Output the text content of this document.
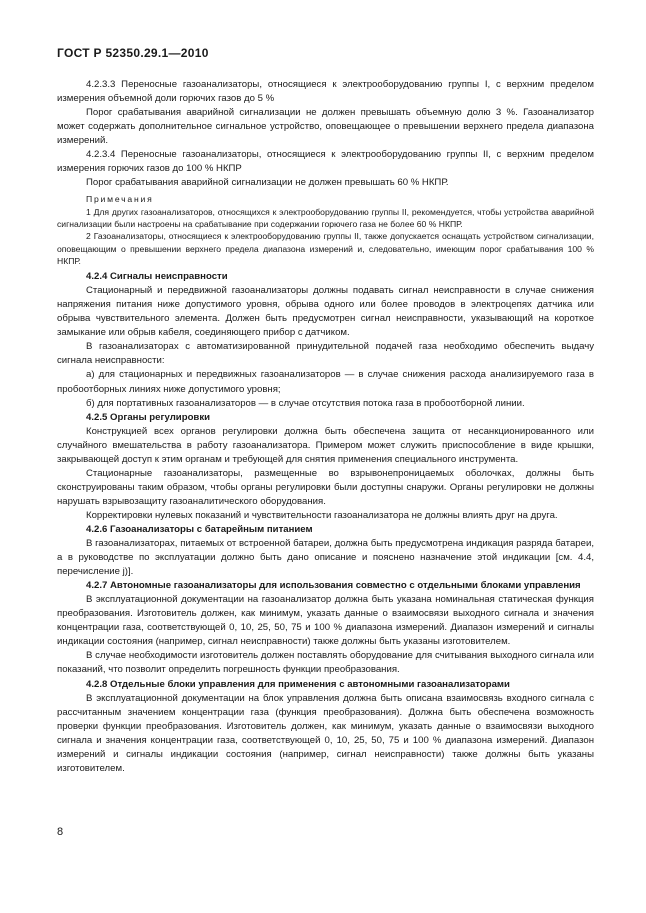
ГОСТ Р 52350.29.1—2010

4.2.3.3 Переносные газоанализаторы, относящиеся к электрооборудованию группы I, с верхним пределом измерения объемной доли горючих газов до 5 %

Порог срабатывания аварийной сигнализации не должен превышать объемную долю 3 %. Газоанализатор может содержать дополнительное сигнальное устройство, оповещающее о превышении верхнего предела диапазона измерений.

4.2.3.4 Переносные газоанализаторы, относящиеся к электрооборудованию группы II, с верхним пределом измерения горючих газов до 100 % НКПР

Порог срабатывания аварийной сигнализации не должен превышать 60 % НКПР.

Примечания

1 Для других газоанализаторов, относящихся к электрооборудованию группы II, рекомендуется, чтобы устройства аварийной сигнализации были настроены на срабатывание при содержании горючего газа не более 60 % НКПР.

2 Газоанализаторы, относящиеся к электрооборудованию группы II, также допускается оснащать устройством сигнализации, оповещающим о превышении верхнего предела диапазона измерений и, следовательно, имеющим порог срабатывания 100 % НКПР.

4.2.4 Сигналы неисправности

Стационарный и передвижной газоанализаторы должны подавать сигнал неисправности в случае снижения напряжения питания ниже допустимого уровня, обрыва одного или более проводов в электроцепях датчика или обрыва чувствительного элемента. Должен быть предусмотрен сигнал неисправности, указывающий на короткое замыкание или обрыв кабеля, соединяющего прибор с датчиком.

В газоанализаторах с автоматизированной принудительной подачей газа необходимо обеспечить выдачу сигнала неисправности:

а) для стационарных и передвижных газоанализаторов — в случае снижения расхода анализируемого газа в пробоотборных линиях ниже допустимого уровня;

б) для портативных газоанализаторов — в случае отсутствия потока газа в пробоотборной линии.

4.2.5 Органы регулировки

Конструкцией всех органов регулировки должна быть обеспечена защита от несанкционированного или случайного вмешательства в работу газоанализатора. Примером может служить приспособление в виде крышки, закрывающей доступ к этим органам и требующей для снятия применения специального инструмента.

Стационарные газоанализаторы, размещенные во взрывонепроницаемых оболочках, должны быть сконструированы таким образом, чтобы органы регулировки были доступны снаружи. Органы регулировки не должны нарушать взрывозащиту газоаналитического оборудования.

Корректировки нулевых показаний и чувствительности газоанализатора не должны влиять друг на друга.

4.2.6 Газоанализаторы с батарейным питанием

В газоанализаторах, питаемых от встроенной батареи, должна быть предусмотрена индикация разряда батареи, а в руководстве по эксплуатации должно быть дано описание и пояснено назначение этой индикации [см. 4.4, перечисление j)].

4.2.7 Автономные газоанализаторы для использования совместно с отдельными блоками управления

В эксплуатационной документации на газоанализатор должна быть указана номинальная статическая функция преобразования. Изготовитель должен, как минимум, указать данные о взаимосвязи выходного сигнала и значения концентрации газа, соответствующей 0, 10, 25, 50, 75 и 100 % диапазона измерений. Диапазон измерений и сигналы индикации состояния (например, сигнал неисправности) также должны быть указаны изготовителем.

В случае необходимости изготовитель должен поставлять оборудование для считывания выходного сигнала или показаний, что позволит определить погрешность функции преобразования.

4.2.8 Отдельные блоки управления для применения с автономными газоанализаторами

В эксплуатационной документации на блок управления должна быть описана взаимосвязь входного сигнала с рассчитанным значением концентрации газа (функция преобразования). Должна быть обеспечена возможность проверки функции преобразования. Изготовитель должен, как минимум, указать данные о взаимосвязи выходного сигнала и значения концентрации газа, соответствующей 0, 10, 25, 50, 75 и 100 % диапазона измерений. Диапазон измерений и сигналы индикации состояния (например, сигнал неисправности) также должны быть указаны изготовителем.

8
